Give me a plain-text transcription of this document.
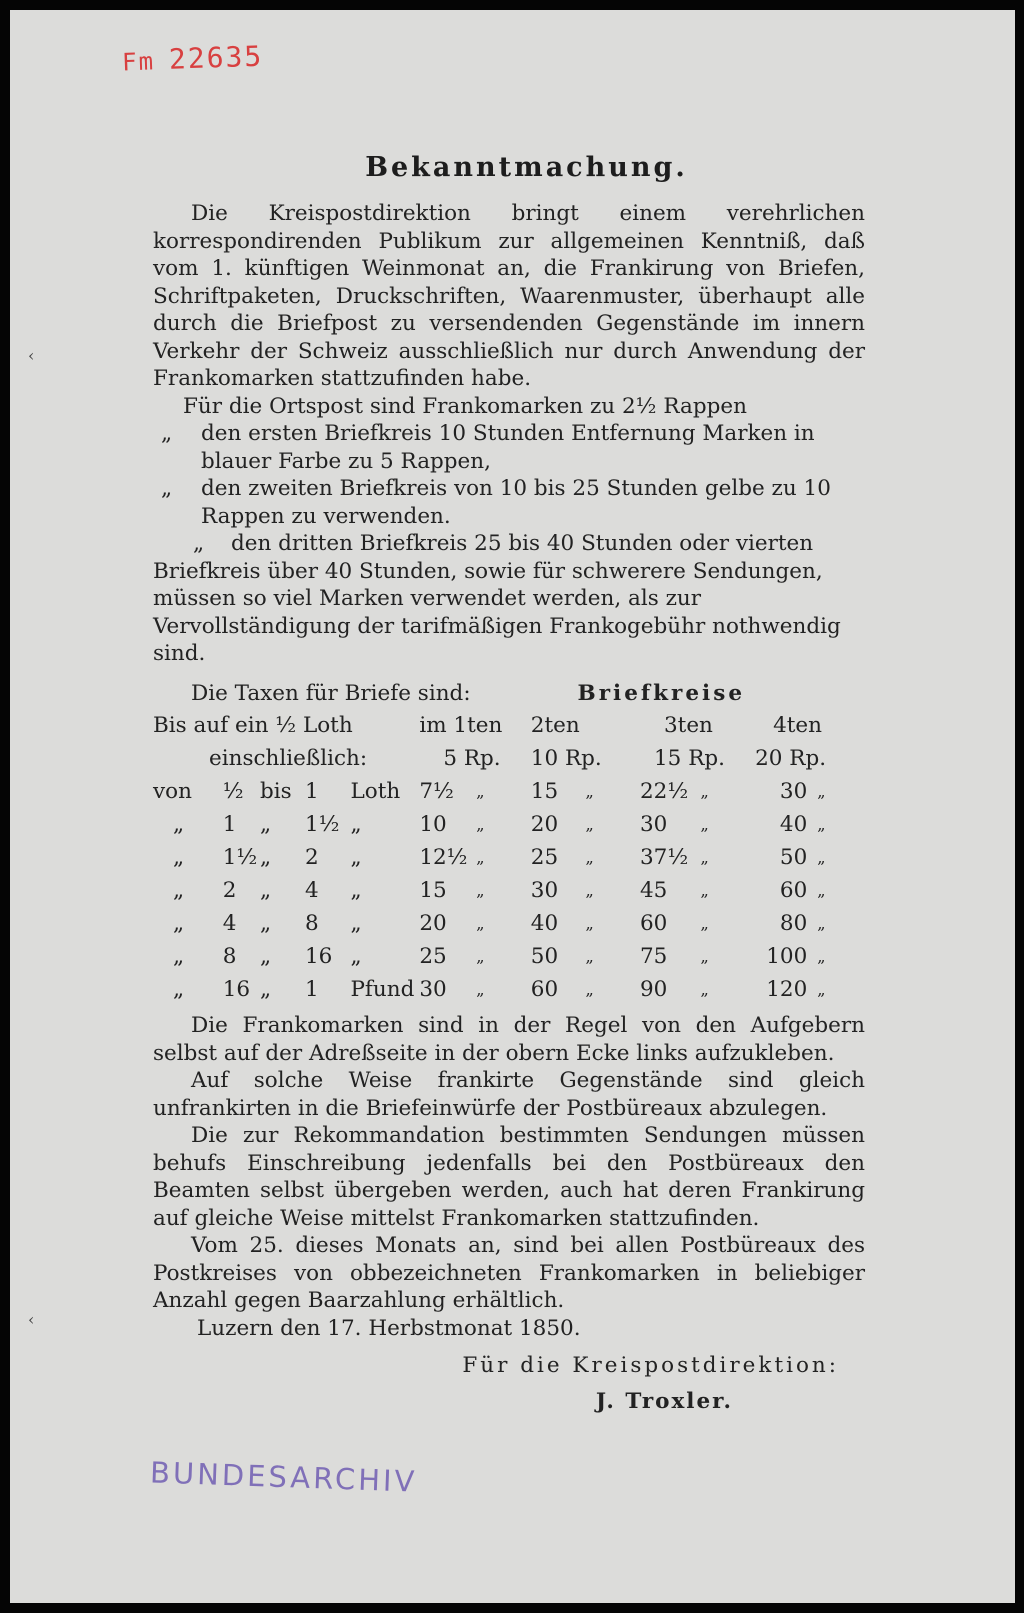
Fm 22635
Bekanntmachung.

Die Kreispostdirektion bringt einem verehrlichen korrespondirenden Publikum zur allgemeinen Kenntniß, daß vom 1. künftigen Weinmonat an, die Frankirung von Briefen, Schriftpaketen, Druckschriften, Waarenmuster, überhaupt alle durch die Briefpost zu versendenden Gegenstände im innern Verkehr der Schweiz ausschließlich nur durch Anwendung der Frankomarken stattzufinden habe.

Für die Ortspost sind Frankomarken zu 2½ Rappen

„ den ersten Briefkreis 10 Stunden Entfernung Marken in blauer Farbe zu 5 Rappen,

„ den zweiten Briefkreis von 10 bis 25 Stunden gelbe zu 10 Rappen zu verwenden.

„ den dritten Briefkreis 25 bis 40 Stunden oder vierten Briefkreis über 40 Stunden, sowie für schwerere Sendungen, müssen so viel Marken verwendet werden, als zur Vervollständigung der tarifmäßigen Frankogebühr nothwendig sind.

Die Taxen für Briefe sind:	Briefkreise
Bis auf ein ½ Loth					im 1ten		2ten		3ten		4ten	
einschließlich:					5 Rp.		10 Rp.		15 Rp.		20 Rp.	
von	½	bis	1	Loth	7½	„	15	„	22½	„	30	„
„	1	„	1½	„	10	„	20	„	30	„	40	„
„	1½	„	2	„	12½	„	25	„	37½	„	50	„
„	2	„	4	„	15	„	30	„	45	„	60	„
„	4	„	8	„	20	„	40	„	60	„	80	„
„	8	„	16	„	25	„	50	„	75	„	100	„
„	16	„	1	Pfund	30	„	60	„	90	„	120	„

Die Frankomarken sind in der Regel von den Aufgebern selbst auf der Adreßseite in der obern Ecke links aufzukleben.

Auf solche Weise frankirte Gegenstände sind gleich unfrankirten in die Briefeinwürfe der Postbüreaux abzulegen.

Die zur Rekommandation bestimmten Sendungen müssen behufs Einschreibung jedenfalls bei den Postbüreaux den Beamten selbst übergeben werden, auch hat deren Frankirung auf gleiche Weise mittelst Frankomarken stattzufinden.

Vom 25. dieses Monats an, sind bei allen Postbüreaux des Postkreises von obbezeichneten Frankomarken in beliebiger Anzahl gegen Baarzahlung erhältlich.

Luzern den 17. Herbstmonat 1850.

Für die Kreispostdirektion:
J. Troxler.
BUNDESARCHIV
‹
‹
